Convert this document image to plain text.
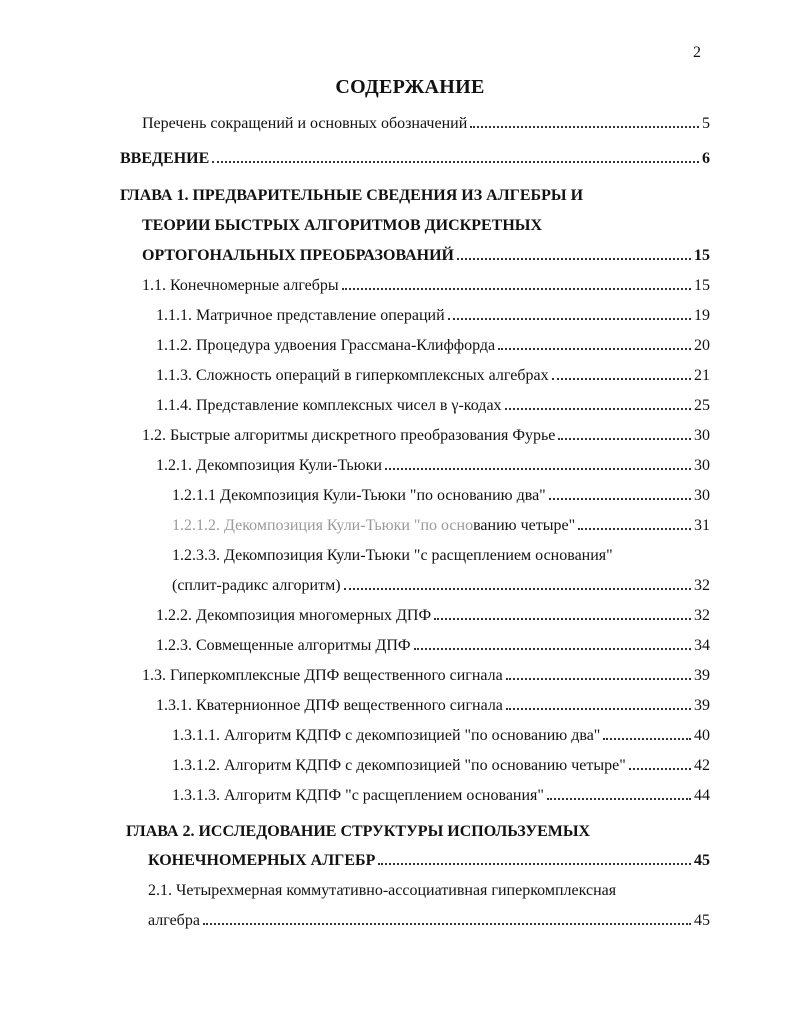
2
СОДЕРЖАНИЕ
Перечень сокращений и основных обозначений	5
ВВЕДЕНИЕ	6
ГЛАВА 1. ПРЕДВАРИТЕЛЬНЫЕ СВЕДЕНИЯ ИЗ АЛГЕБРЫ И
ТЕОРИИ БЫСТРЫХ АЛГОРИТМОВ ДИСКРЕТНЫХ
ОРТОГОНАЛЬНЫХ ПРЕОБРАЗОВАНИЙ	15
1.1. Конечномерные алгебры	15
1.1.1. Матричное представление операций	19
1.1.2. Процедура удвоения Грассмана-Клиффорда	20
1.1.3. Сложность операций в гиперкомплексных алгебрах	21
1.1.4. Представление комплексных чисел в γ-кодах	25
1.2. Быстрые алгоритмы дискретного преобразования Фурье	30
1.2.1. Декомпозиция Кули-Тьюки	30
1.2.1.1 Декомпозиция Кули-Тьюки "по основанию два"	30
1.2.1.2. Декомпозиция Кули-Тьюки "по основанию четыре"	31
1.2.3.3. Декомпозиция Кули-Тьюки "с расщеплением основания"
(сплит-радикс алгоритм)	32
1.2.2. Декомпозиция многомерных ДПФ	32
1.2.3. Совмещенные алгоритмы ДПФ	34
1.3. Гиперкомплексные ДПФ вещественного сигнала	39
1.3.1. Кватернионное ДПФ вещественного сигнала	39
1.3.1.1. Алгоритм КДПФ с декомпозицией "по основанию два"	40
1.3.1.2. Алгоритм КДПФ с декомпозицией "по основанию четыре"	42
1.3.1.3. Алгоритм КДПФ "с расщеплением основания"	44
ГЛАВА 2. ИССЛЕДОВАНИЕ СТРУКТУРЫ ИСПОЛЬЗУЕМЫХ
КОНЕЧНОМЕРНЫХ АЛГЕБР	45
2.1. Четырехмерная коммутативно-ассоциативная гиперкомплексная
алгебра	45
